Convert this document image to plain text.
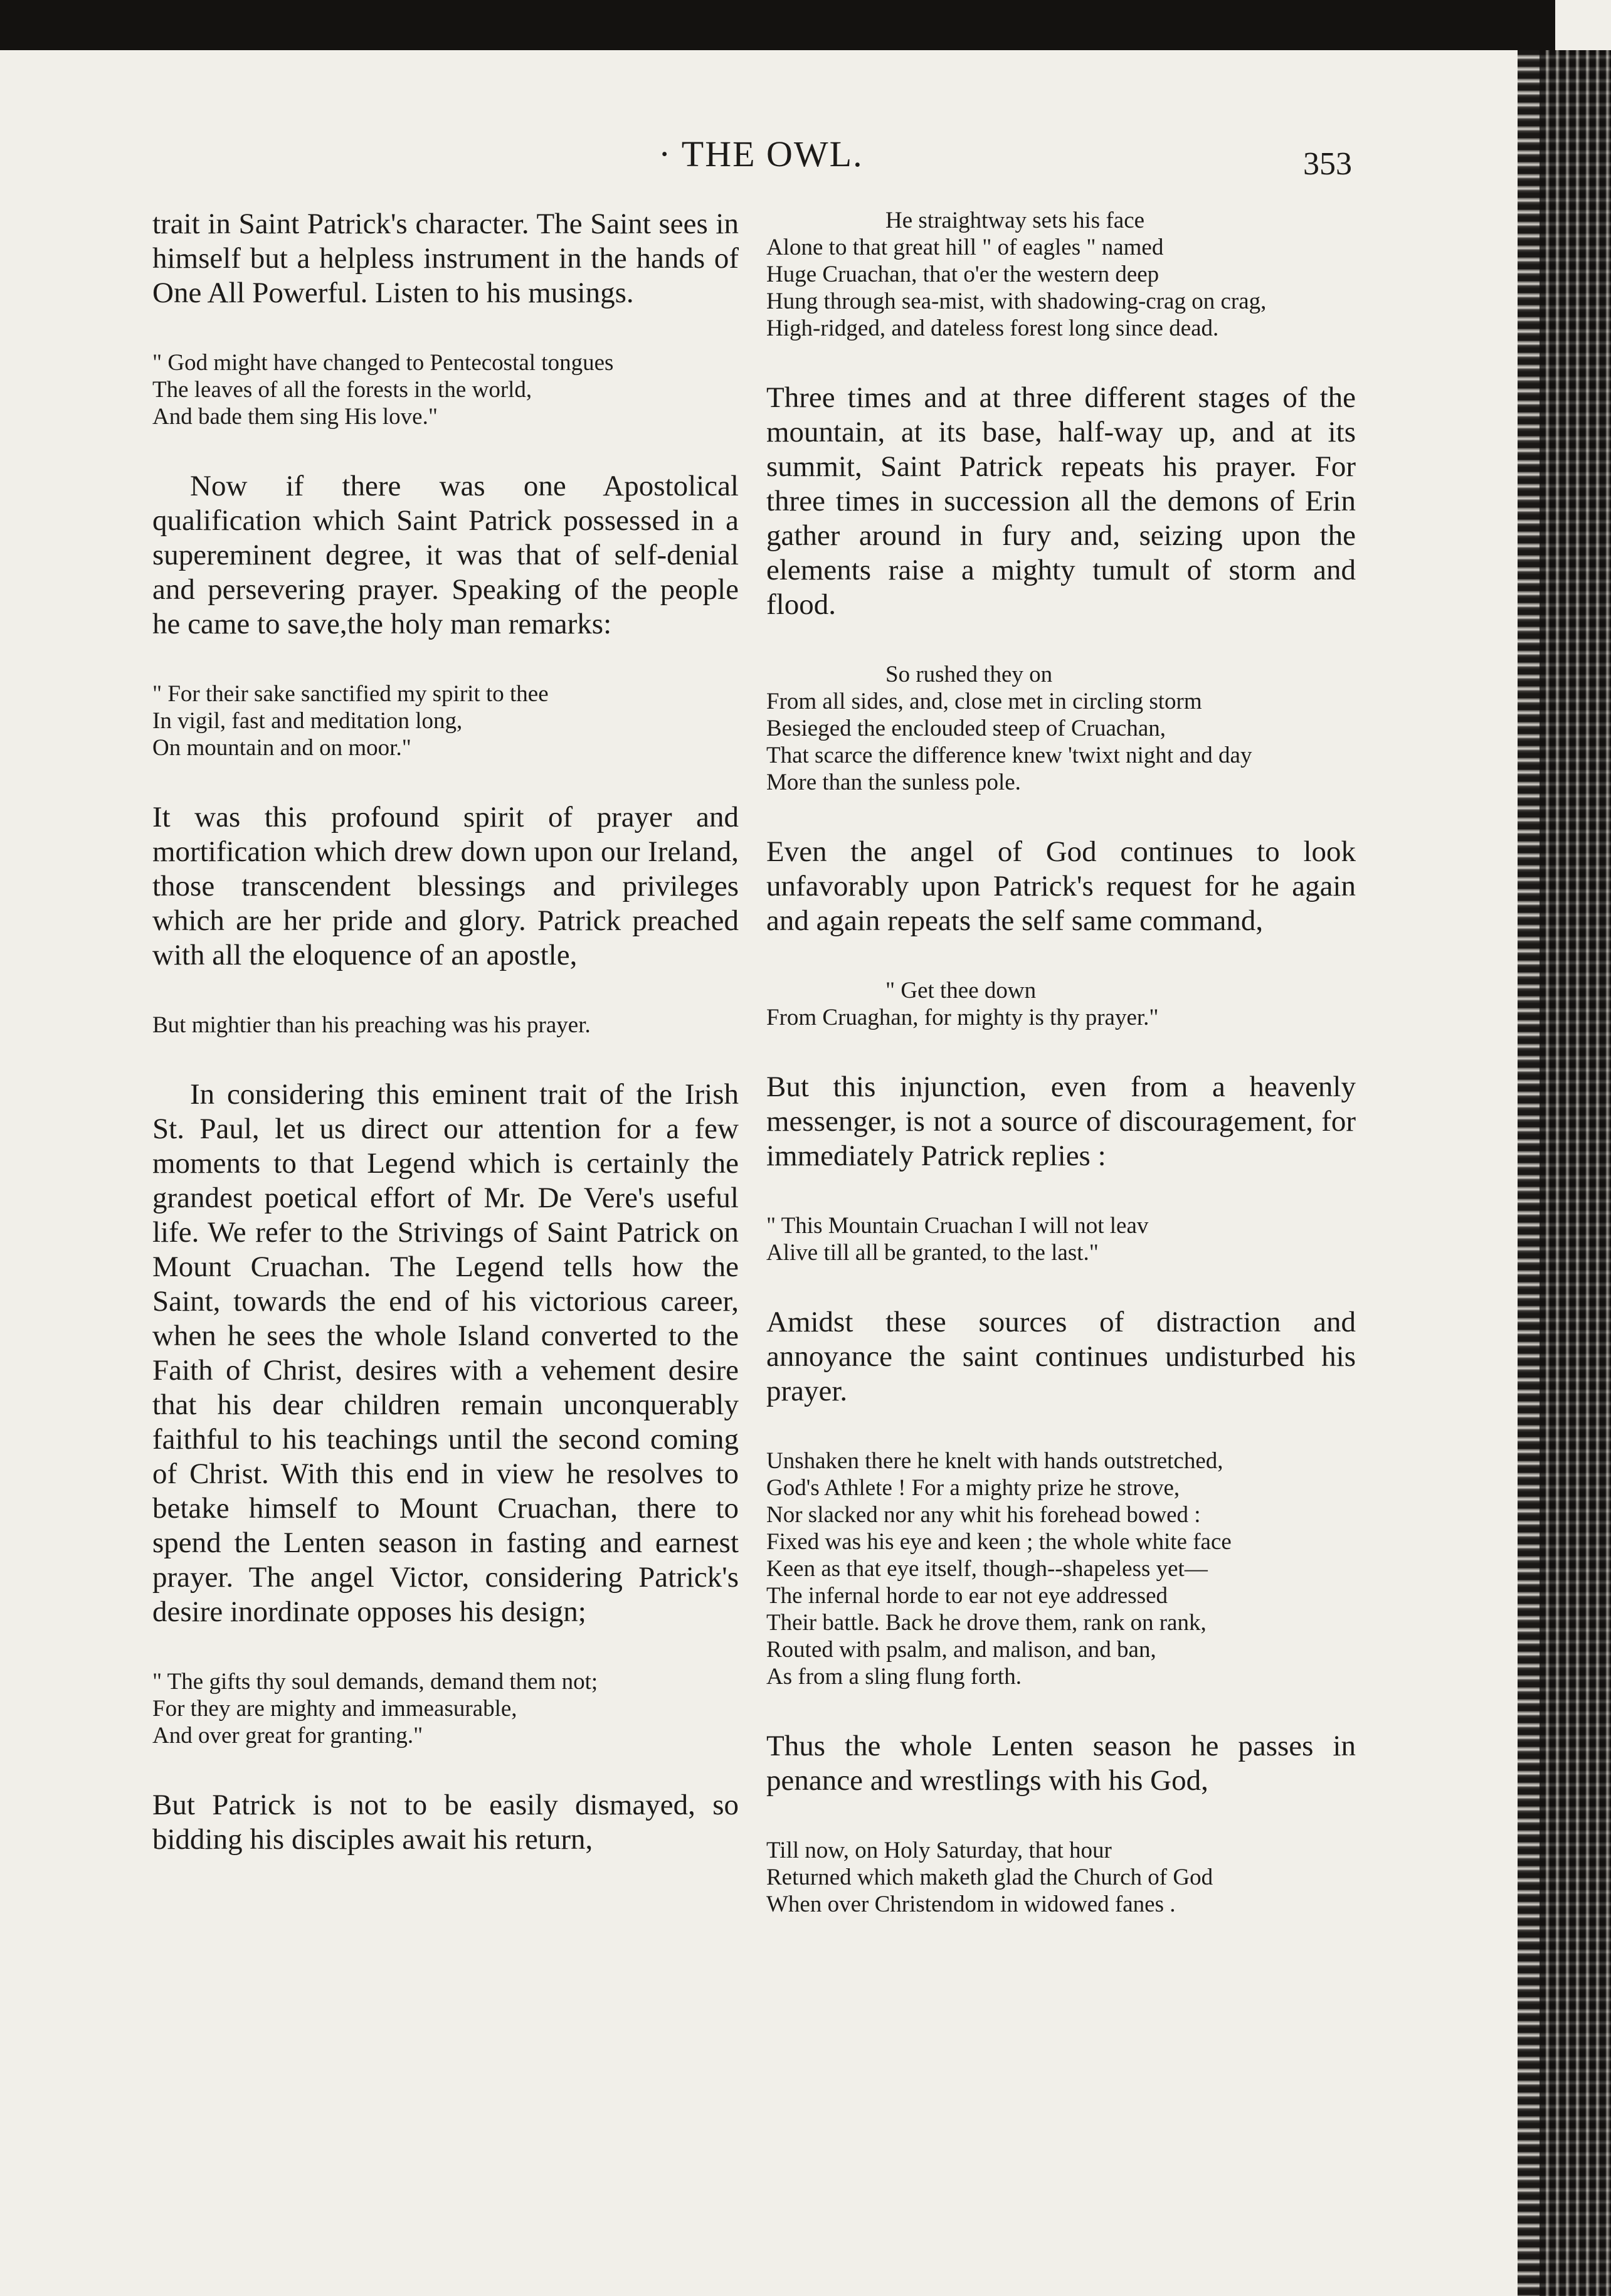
· THE OWL.	353

trait in Saint Patrick's character. The Saint sees in himself but a helpless instrument in the hands of One All Powerful. Listen to his musings.

" God might have changed to Pentecostal tongues
The leaves of all the forests in the world,
And bade them sing His love."

Now if there was one Apostolical qualification which Saint Patrick possessed in a supereminent degree, it was that of self-denial and persevering prayer. Speaking of the people he came to save,the holy man remarks:

" For their sake sanctified my spirit to thee
In vigil, fast and meditation long,
On mountain and on moor."

It was this profound spirit of prayer and mortification which drew down upon our Ireland, those transcendent blessings and privileges which are her pride and glory. Patrick preached with all the eloquence of an apostle,

But mightier than his preaching was his prayer.

In considering this eminent trait of the Irish St. Paul, let us direct our attention for a few moments to that Legend which is certainly the grandest poetical effort of Mr. De Vere's useful life. We refer to the Strivings of Saint Patrick on Mount Cruachan. The Legend tells how the Saint, towards the end of his victorious career, when he sees the whole Island converted to the Faith of Christ, desires with a vehement desire that his dear children remain unconquerably faithful to his teachings until the second coming of Christ. With this end in view he resolves to betake himself to Mount Cruachan, there to spend the Lenten season in fasting and earnest prayer. The angel Victor, considering Patrick's desire inordinate opposes his design;

" The gifts thy soul demands, demand them not;
For they are mighty and immeasurable,
And over great for granting."

But Patrick is not to be easily dismayed, so bidding his disciples await his return,

He straightway sets his face
Alone to that great hill " of eagles " named
Huge Cruachan, that o'er the western deep
Hung through sea-mist, with shadowing-crag on crag,
High-ridged, and dateless forest long since dead.

Three times and at three different stages of the mountain, at its base, half-way up, and at its summit, Saint Patrick repeats his prayer. For three times in succession all the demons of Erin gather around in fury and, seizing upon the elements raise a mighty tumult of storm and flood.

So rushed they on
From all sides, and, close met in circling storm
Besieged the enclouded steep of Cruachan,
That scarce the difference knew 'twixt night and day
More than the sunless pole.

Even the angel of God continues to look unfavorably upon Patrick's request for he again and again repeats the self same command,

" Get thee down
From Cruaghan, for mighty is thy prayer."

But this injunction, even from a heavenly messenger, is not a source of discouragement, for immediately Patrick replies :

" This Mountain Cruachan I will not leav
Alive till all be granted, to the last."

Amidst these sources of distraction and annoyance the saint continues undisturbed his prayer.

Unshaken there he knelt with hands outstretched,
God's Athlete ! For a mighty prize he strove,
Nor slacked nor any whit his forehead bowed :
Fixed was his eye and keen ; the whole white face
Keen as that eye itself, though--shapeless yet—
The infernal horde to ear not eye addressed
Their battle. Back he drove them, rank on rank,
Routed with psalm, and malison, and ban,
As from a sling flung forth.

Thus the whole Lenten season he passes in penance and wrestlings with his God,

Till now, on Holy Saturday, that hour
Returned which maketh glad the Church of God
When over Christendom in widowed fanes .
